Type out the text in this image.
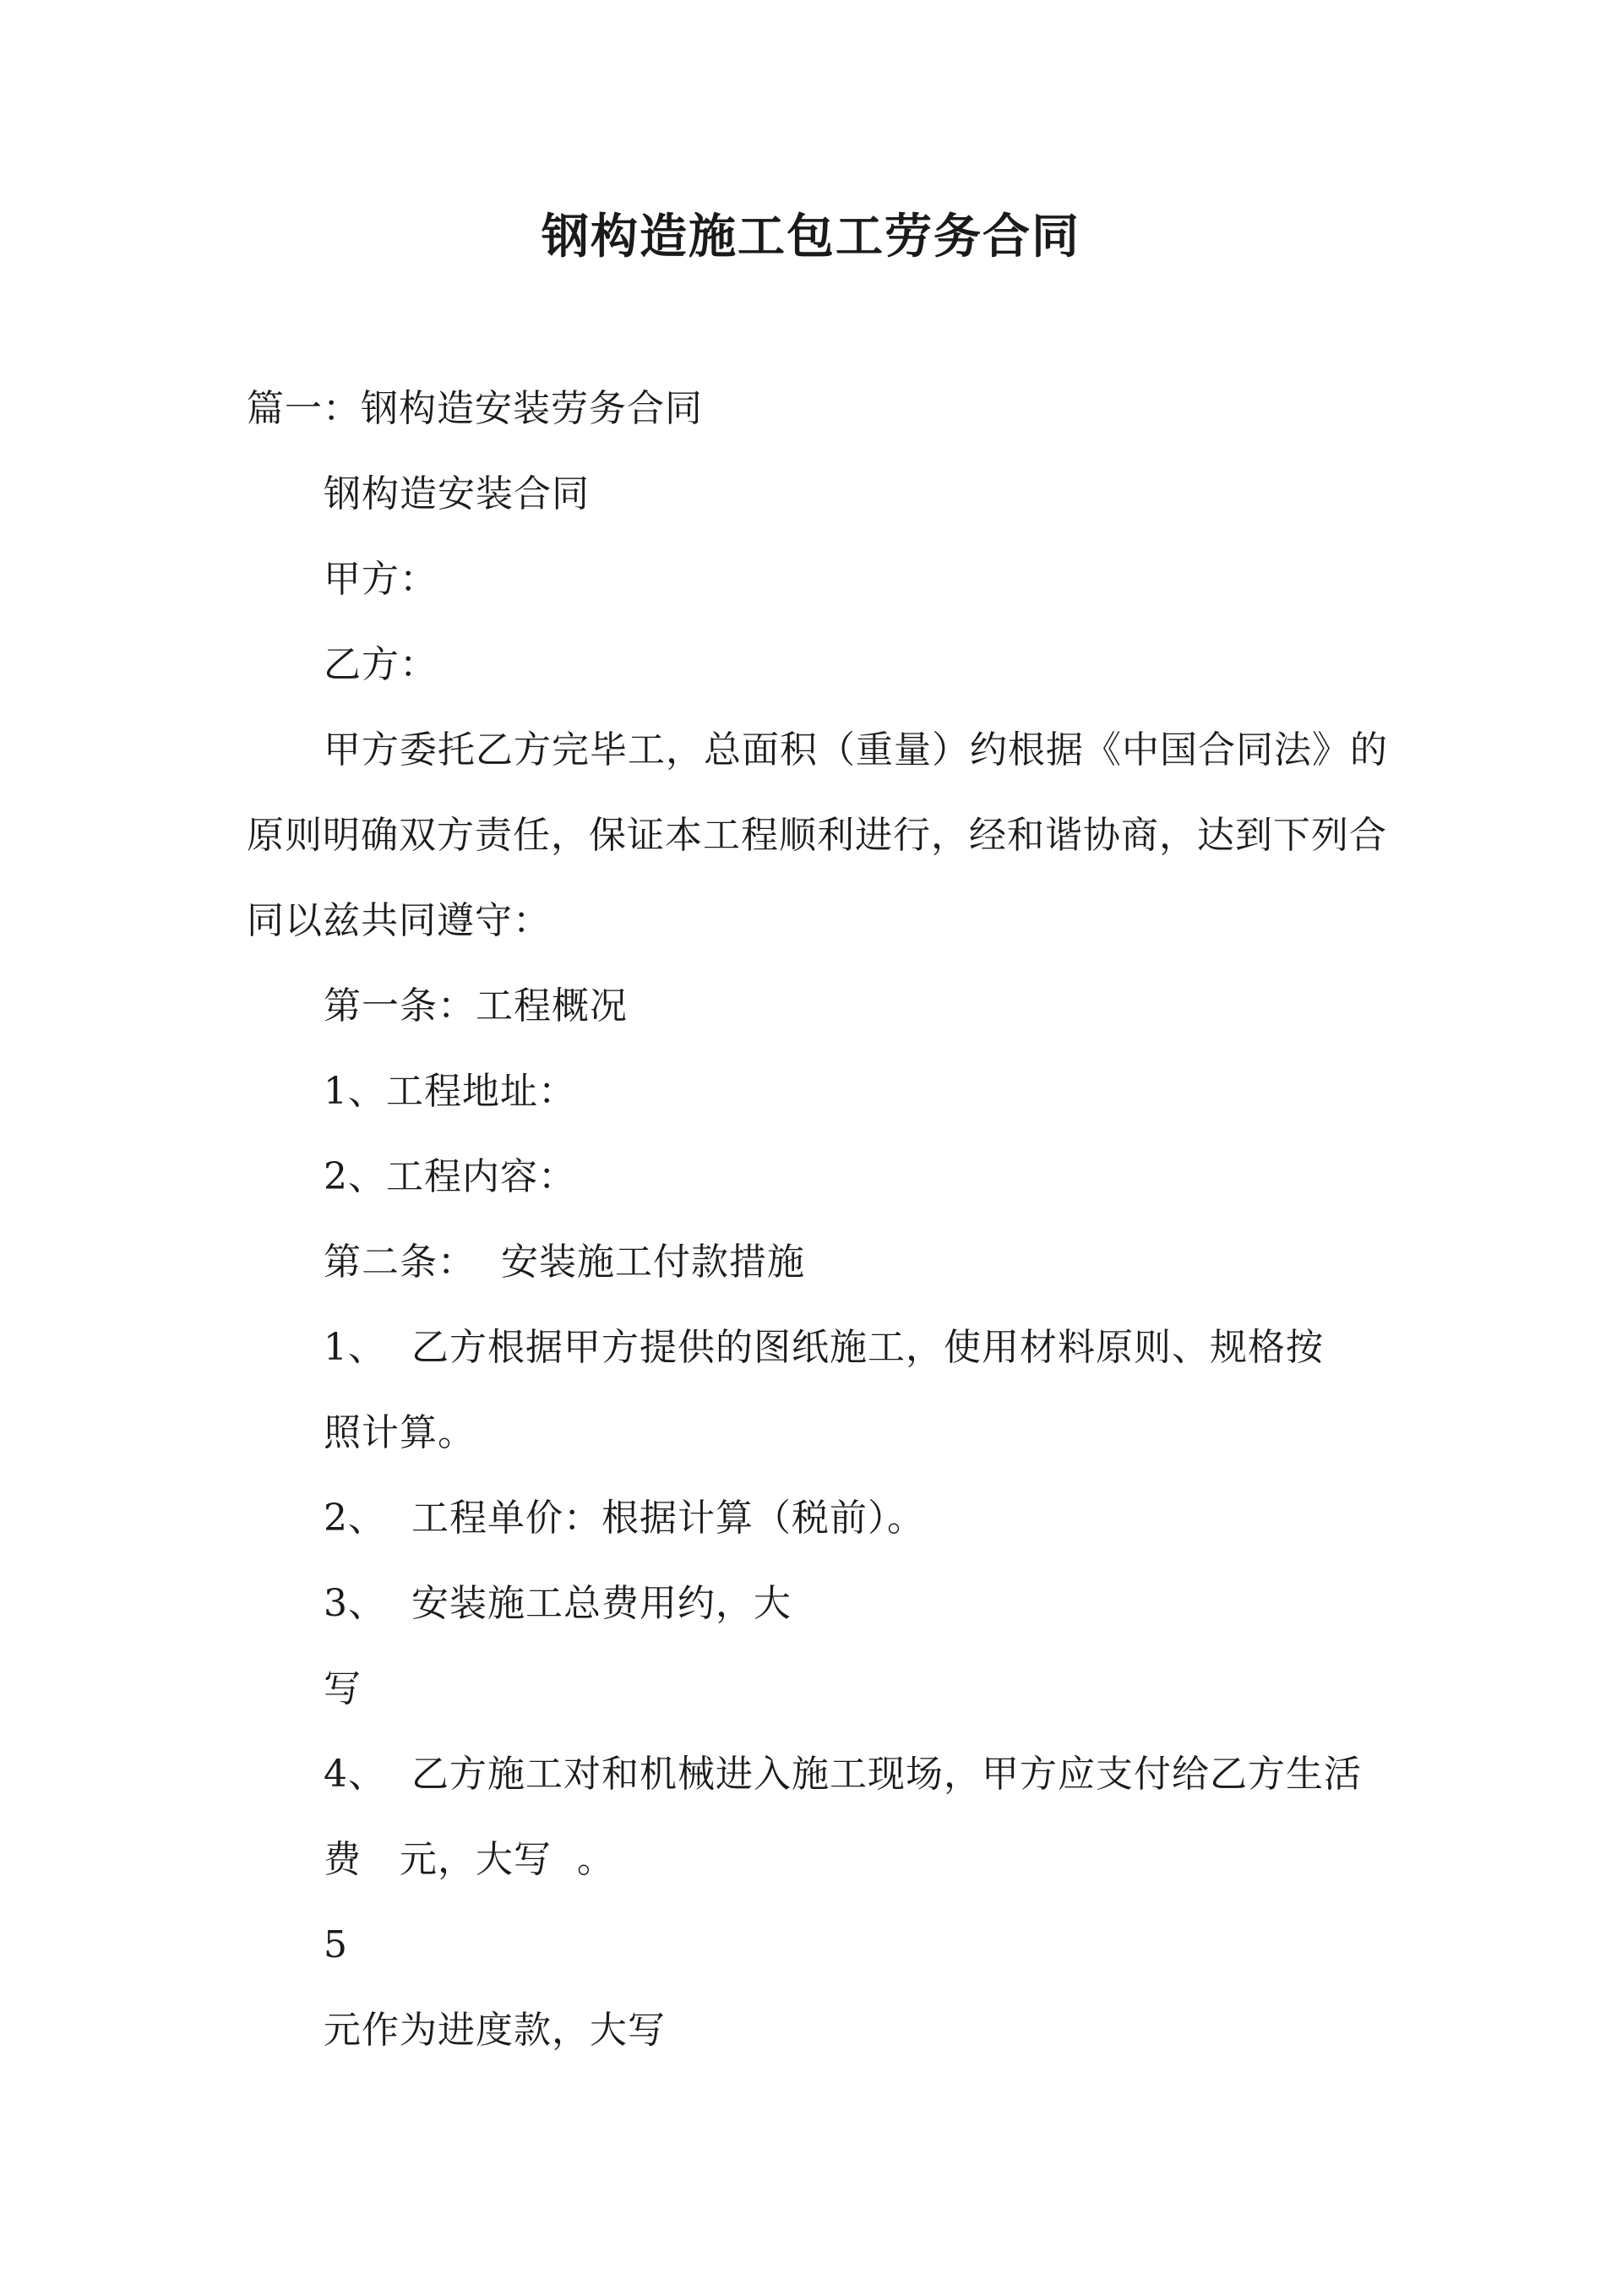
钢构造施工包工劳务合同
篇一：钢构造安装劳务合同
钢构造安装合同
甲方：
乙方：
甲方委托乙方完毕工，总面积（重量）约根据《中国合同法》的
原则明确双方责任，保证本工程顺利进行，经和谐协商，达到下列合
同以兹共同遵守：
第一条：工程概况
1、工程地址：
2、工程内容：
第二条：  安装施工付款措施
1、  乙方根据甲方提供的图纸施工，使用材料原则、规格按
照计算。
2、  工程单价：根据计算（税前）。
3、  安装施工总费用约，大
写
4、  乙方施工对和机械进入施工现场，甲方应支付给乙方生活
费   元，大写  。
5
元作为进度款，大写
